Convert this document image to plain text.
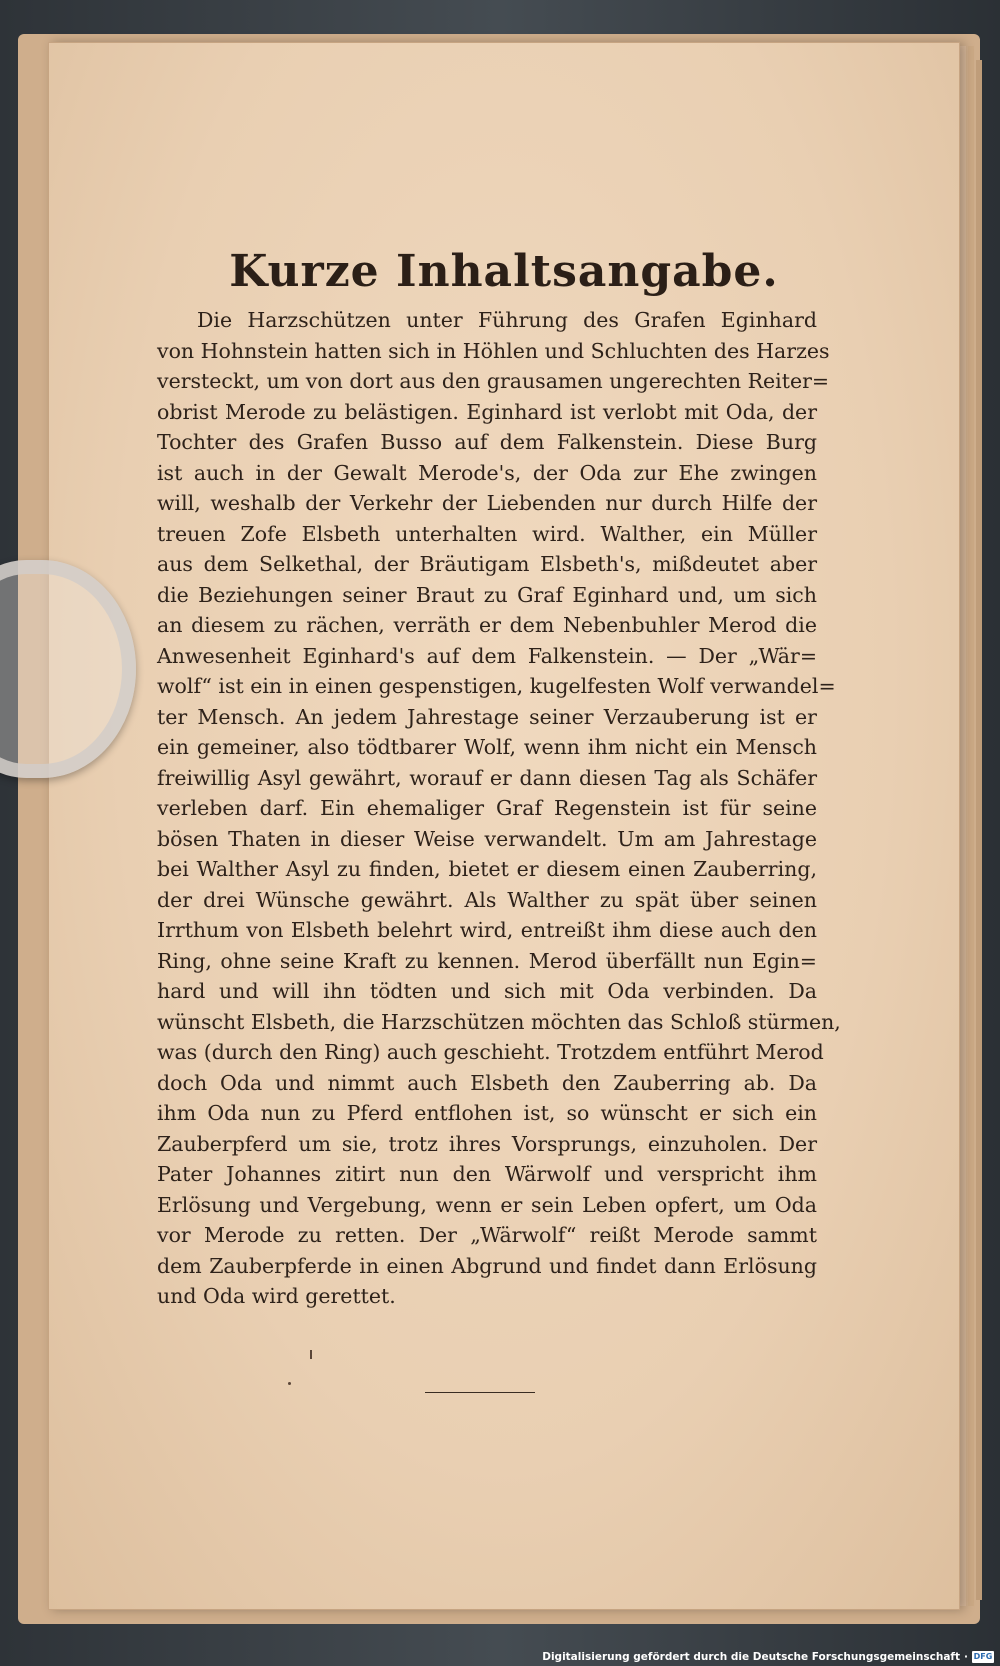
Kurze Inhaltsangabe.
Die Harzschützen unter Führung des Grafen Eginhard
von Hohnstein hatten sich in Höhlen und Schluchten des Harzes
versteckt, um von dort aus den grausamen ungerechten Reiter=
obrist Merode zu belästigen. Eginhard ist verlobt mit Oda, der
Tochter des Grafen Busso auf dem Falkenstein. Diese Burg
ist auch in der Gewalt Merode's, der Oda zur Ehe zwingen
will, weshalb der Verkehr der Liebenden nur durch Hilfe der
treuen Zofe Elsbeth unterhalten wird. Walther, ein Müller
aus dem Selkethal, der Bräutigam Elsbeth's, mißdeutet aber
die Beziehungen seiner Braut zu Graf Eginhard und, um sich
an diesem zu rächen, verräth er dem Nebenbuhler Merod die
Anwesenheit Eginhard's auf dem Falkenstein. — Der „Wär=
wolf“ ist ein in einen gespenstigen, kugelfesten Wolf verwandel=
ter Mensch. An jedem Jahrestage seiner Verzauberung ist er
ein gemeiner, also tödtbarer Wolf, wenn ihm nicht ein Mensch
freiwillig Asyl gewährt, worauf er dann diesen Tag als Schäfer
verleben darf. Ein ehemaliger Graf Regenstein ist für seine
bösen Thaten in dieser Weise verwandelt. Um am Jahrestage
bei Walther Asyl zu finden, bietet er diesem einen Zauberring,
der drei Wünsche gewährt. Als Walther zu spät über seinen
Irrthum von Elsbeth belehrt wird, entreißt ihm diese auch den
Ring, ohne seine Kraft zu kennen. Merod überfällt nun Egin=
hard und will ihn tödten und sich mit Oda verbinden. Da
wünscht Elsbeth, die Harzschützen möchten das Schloß stürmen,
was (durch den Ring) auch geschieht. Trotzdem entführt Merod
doch Oda und nimmt auch Elsbeth den Zauberring ab. Da
ihm Oda nun zu Pferd entflohen ist, so wünscht er sich ein
Zauberpferd um sie, trotz ihres Vorsprungs, einzuholen. Der
Pater Johannes zitirt nun den Wärwolf und verspricht ihm
Erlösung und Vergebung, wenn er sein Leben opfert, um Oda
vor Merode zu retten. Der „Wärwolf“ reißt Merode sammt
dem Zauberpferde in einen Abgrund und findet dann Erlösung
und Oda wird gerettet.
Digitalisierung gefördert durch die Deutsche Forschungsgemeinschaft · DFG
